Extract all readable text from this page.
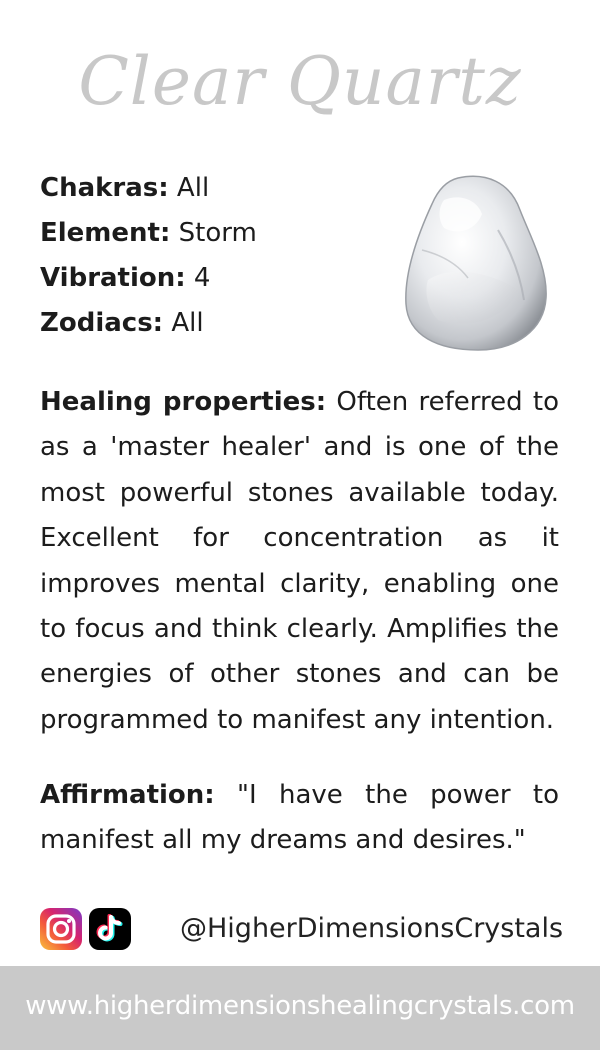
Clear Quartz
Chakras: All
Element: Storm
Vibration: 4
Zodiacs: All

Healing properties: Often referred to as a 'master healer' and is one of the most powerful stones available today. Excellent for concentration as it improves mental clarity, enabling one to focus and think clearly. Amplifies the energies of other stones and can be programmed to manifest any intention.

Affirmation: "I have the power to manifest all my dreams and desires."

@HigherDimensionsCrystals
www.higherdimensionshealingcrystals.com
